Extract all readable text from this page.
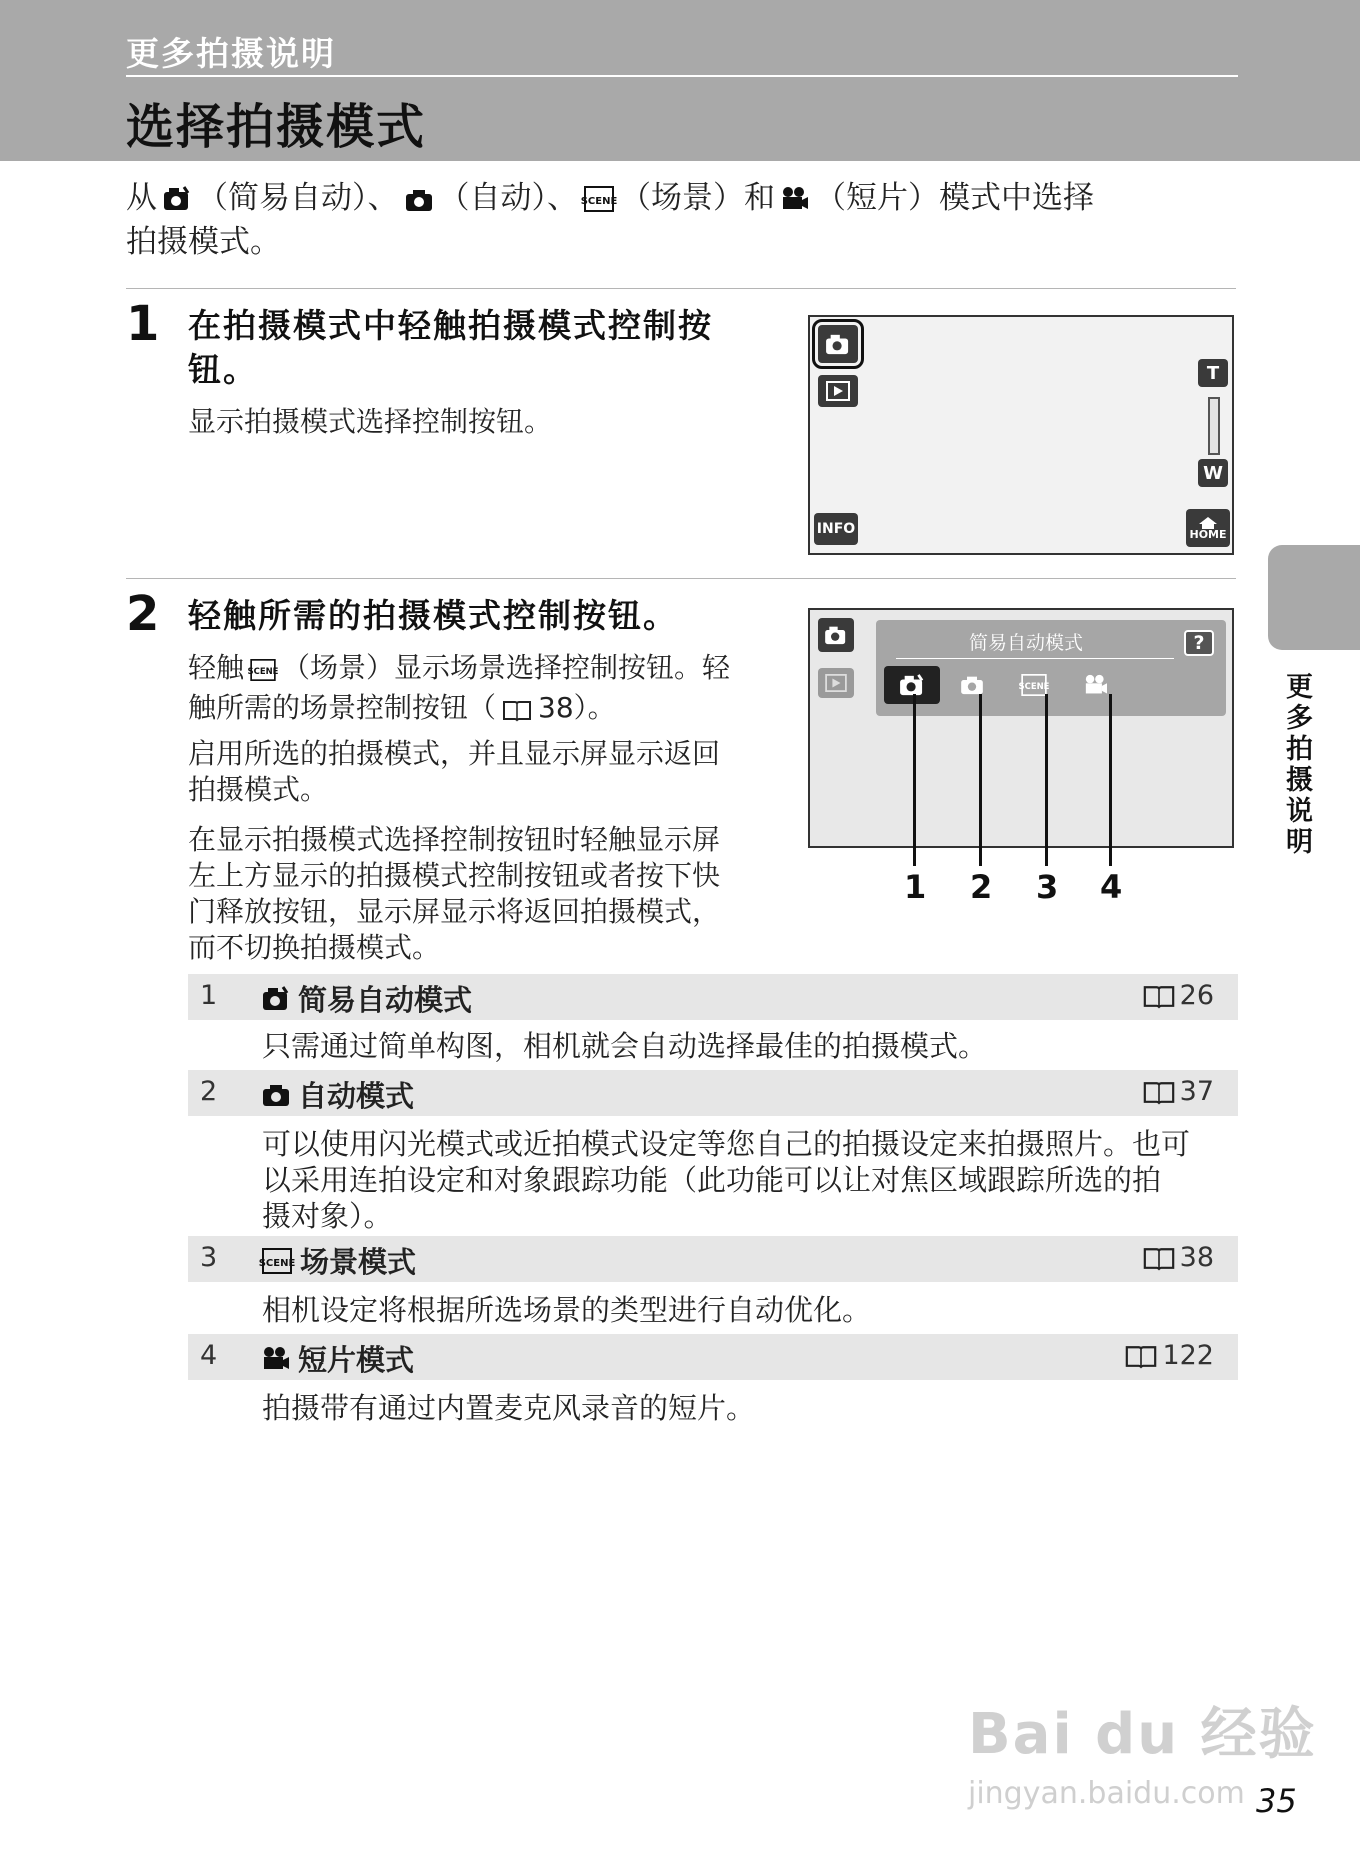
更多拍摄说明
选择拍摄模式
从 （简易自动）、 （自动）、 SCENE （场景）和 （短片）模式中选择
拍摄模式。
1 在拍摄模式中轻触拍摄模式控制按
钮。
显示拍摄模式选择控制按钮。
T
W
INFO	HOME
2 轻触所需的拍摄模式控制按钮。
轻触 SCENE （场景）显示场景选择控制按钮。轻
触所需的场景控制按钮（ 38）。
启用所选的拍摄模式，并且显示屏显示返回
拍摄模式。
在显示拍摄模式选择控制按钮时轻触显示屏
左上方显示的拍摄模式控制按钮或者按下快
门释放按钮，显示屏显示将返回拍摄模式，
而不切换拍摄模式。
简易自动模式	?
SCENE
1 2 3 4
1	简易自动模式	26
只需通过简单构图，相机就会自动选择最佳的拍摄模式。
2	自动模式	37
可以使用闪光模式或近拍模式设定等您自己的拍摄设定来拍摄照片。也可
以采用连拍设定和对象跟踪功能（此功能可以让对焦区域跟踪所选的拍
摄对象）。
3	SCENE 场景模式	38
相机设定将根据所选场景的类型进行自动优化。
4	短片模式	122
拍摄带有通过内置麦克风录音的短片。
更多拍摄说明
Bai du 经验
jingyan.baidu.com 35
